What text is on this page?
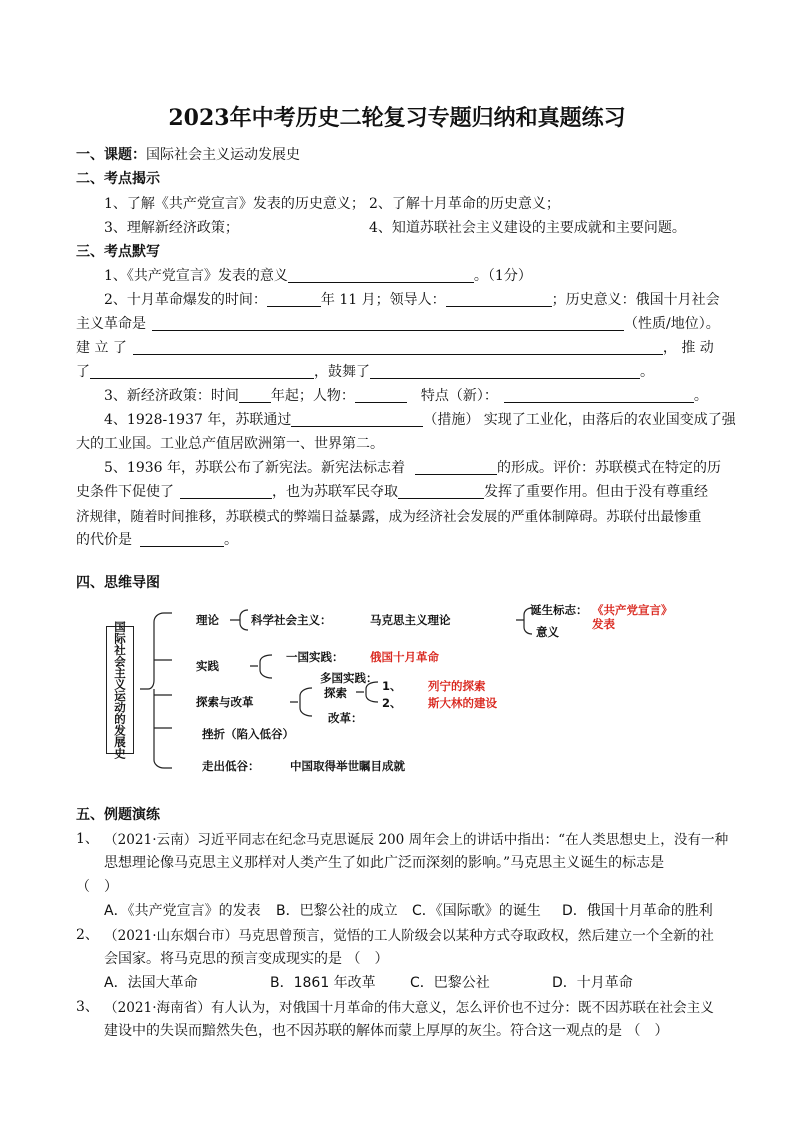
2023年中考历史二轮复习专题归纳和真题练习
一、课题：国际社会主义运动发展史
二、考点揭示
1、了解《共产党宣言》发表的历史意义； 2、了解十月革命的历史意义；
3、理解新经济政策；	4、知道苏联社会主义建设的主要成就和主要问题。
三、考点默写
1、《共产党宣言》发表的意义	。（1分）
2、十月革命爆发的时间：	年 11 月；领导人：	；历史意义：俄国十月社会
主义革命是	（性质/地位）。
建 立 了	， 推 动
了	，鼓舞了	。
3、新经济政策：时间 年起；人物：	特点（新）：	。
4、1928-1937 年，苏联通过	（措施） 实现了工业化，由落后的农业国变成了强
大的工业国。工业总产值居欧洲第一、世界第二。
5、1936 年，苏联公布了新宪法。新宪法标志着	的形成。评价：苏联模式在特定的历
史条件下促使了	，也为苏联军民夺取	发挥了重要作用。但由于没有尊重经
济规律，随着时间推移，苏联模式的弊端日益暴露，成为经济社会发展的严重体制障碍。苏联付出最惨重
的代价是	。
四、思维导图
国际社会主义运动的发展史
理论	科学社会主义：	马克思主义理论
诞生标志： 《共产党宣言》
发表
意义
实践
一国实践： 俄国十月革命
多国实践：
探索与改革
探索	1、 列宁的探索
2、 斯大林的建设
改革：
挫折（陷入低谷）
走出低谷：	中国取得举世瞩目成就
五、例题演练
1、 （2021·云南）习近平同志在纪念马克思诞辰 200 周年会上的讲话中指出：“在人类思想史上，没有一种
思想理论像马克思主义那样对人类产生了如此广泛而深刻的影响。”马克思主义诞生的标志是
（　）
A．《共产党宣言》的发表 B．巴黎公社的成立 C．《国际歌》的诞生 D．俄国十月革命的胜利
2、 （2021·山东烟台市）马克思曾预言，觉悟的工人阶级会以某种方式夺取政权，然后建立一个全新的社
会国家。将马克思的预言变成现实的是 （　）
A．法国大革命	B．1861 年改革 C．巴黎公社	D．十月革命
3、 （2021·海南省）有人认为，对俄国十月革命的伟大意义，怎么评价也不过分：既不因苏联在社会主义
建设中的失误而黯然失色，也不因苏联的解体而蒙上厚厚的灰尘。符合这一观点的是 （　）
